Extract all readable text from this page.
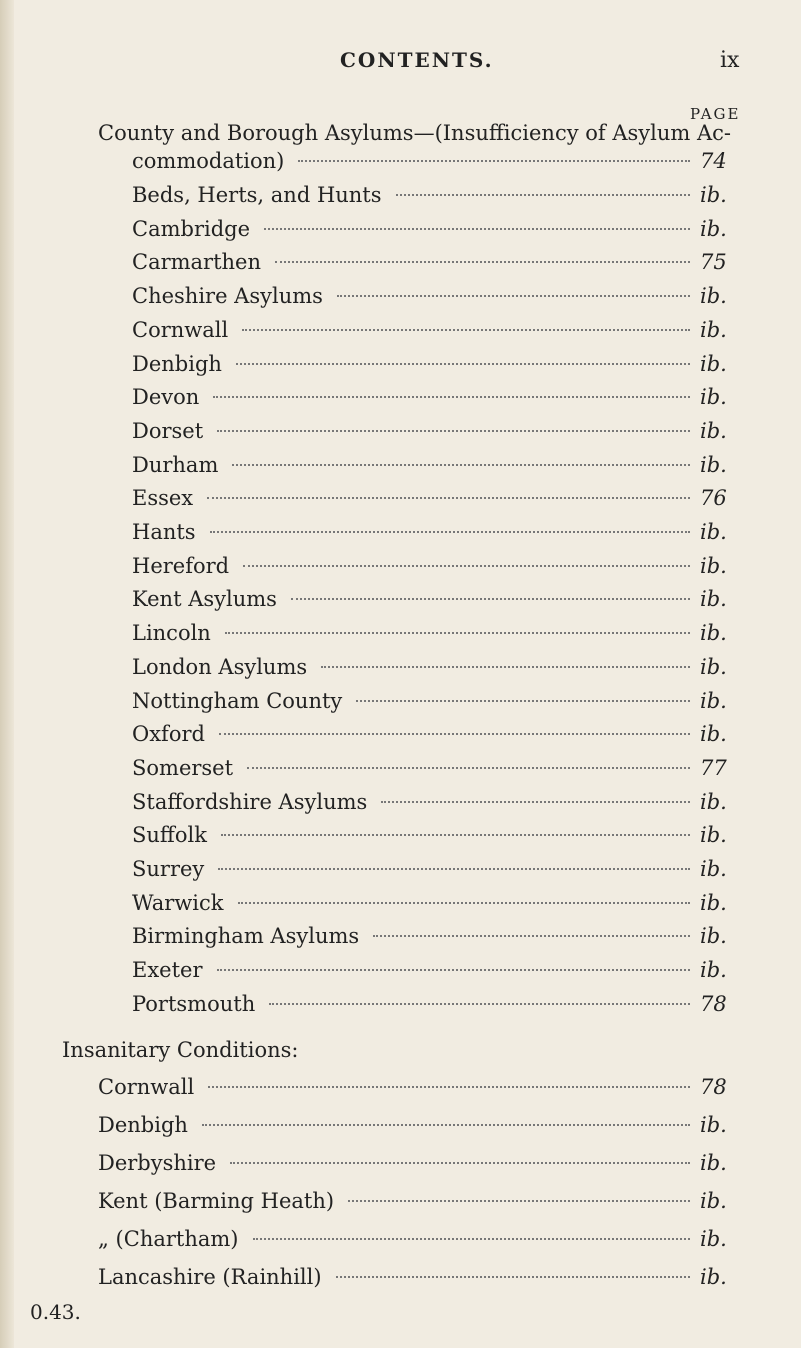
CONTENTS.	ix
PAGE
County and Borough Asylums—(Insufficiency of Asylum Ac-
commodation)	74
Beds, Herts, and Hunts	ib.
Cambridge	ib.
Carmarthen	75
Cheshire Asylums	ib.
Cornwall	ib.
Denbigh	ib.
Devon	ib.
Dorset	ib.
Durham	ib.
Essex	76
Hants	ib.
Hereford	ib.
Kent Asylums	ib.
Lincoln	ib.
London Asylums	ib.
Nottingham County	ib.
Oxford	ib.
Somerset	77
Staffordshire Asylums	ib.
Suffolk	ib.
Surrey	ib.
Warwick	ib.
Birmingham Asylums	ib.
Exeter	ib.
Portsmouth	78
Insanitary Conditions:
Cornwall	78
Denbigh	ib.
Derbyshire	ib.
Kent (Barming Heath)	ib.
„ (Chartham)	ib.
Lancashire (Rainhill)	ib.
0.43.
